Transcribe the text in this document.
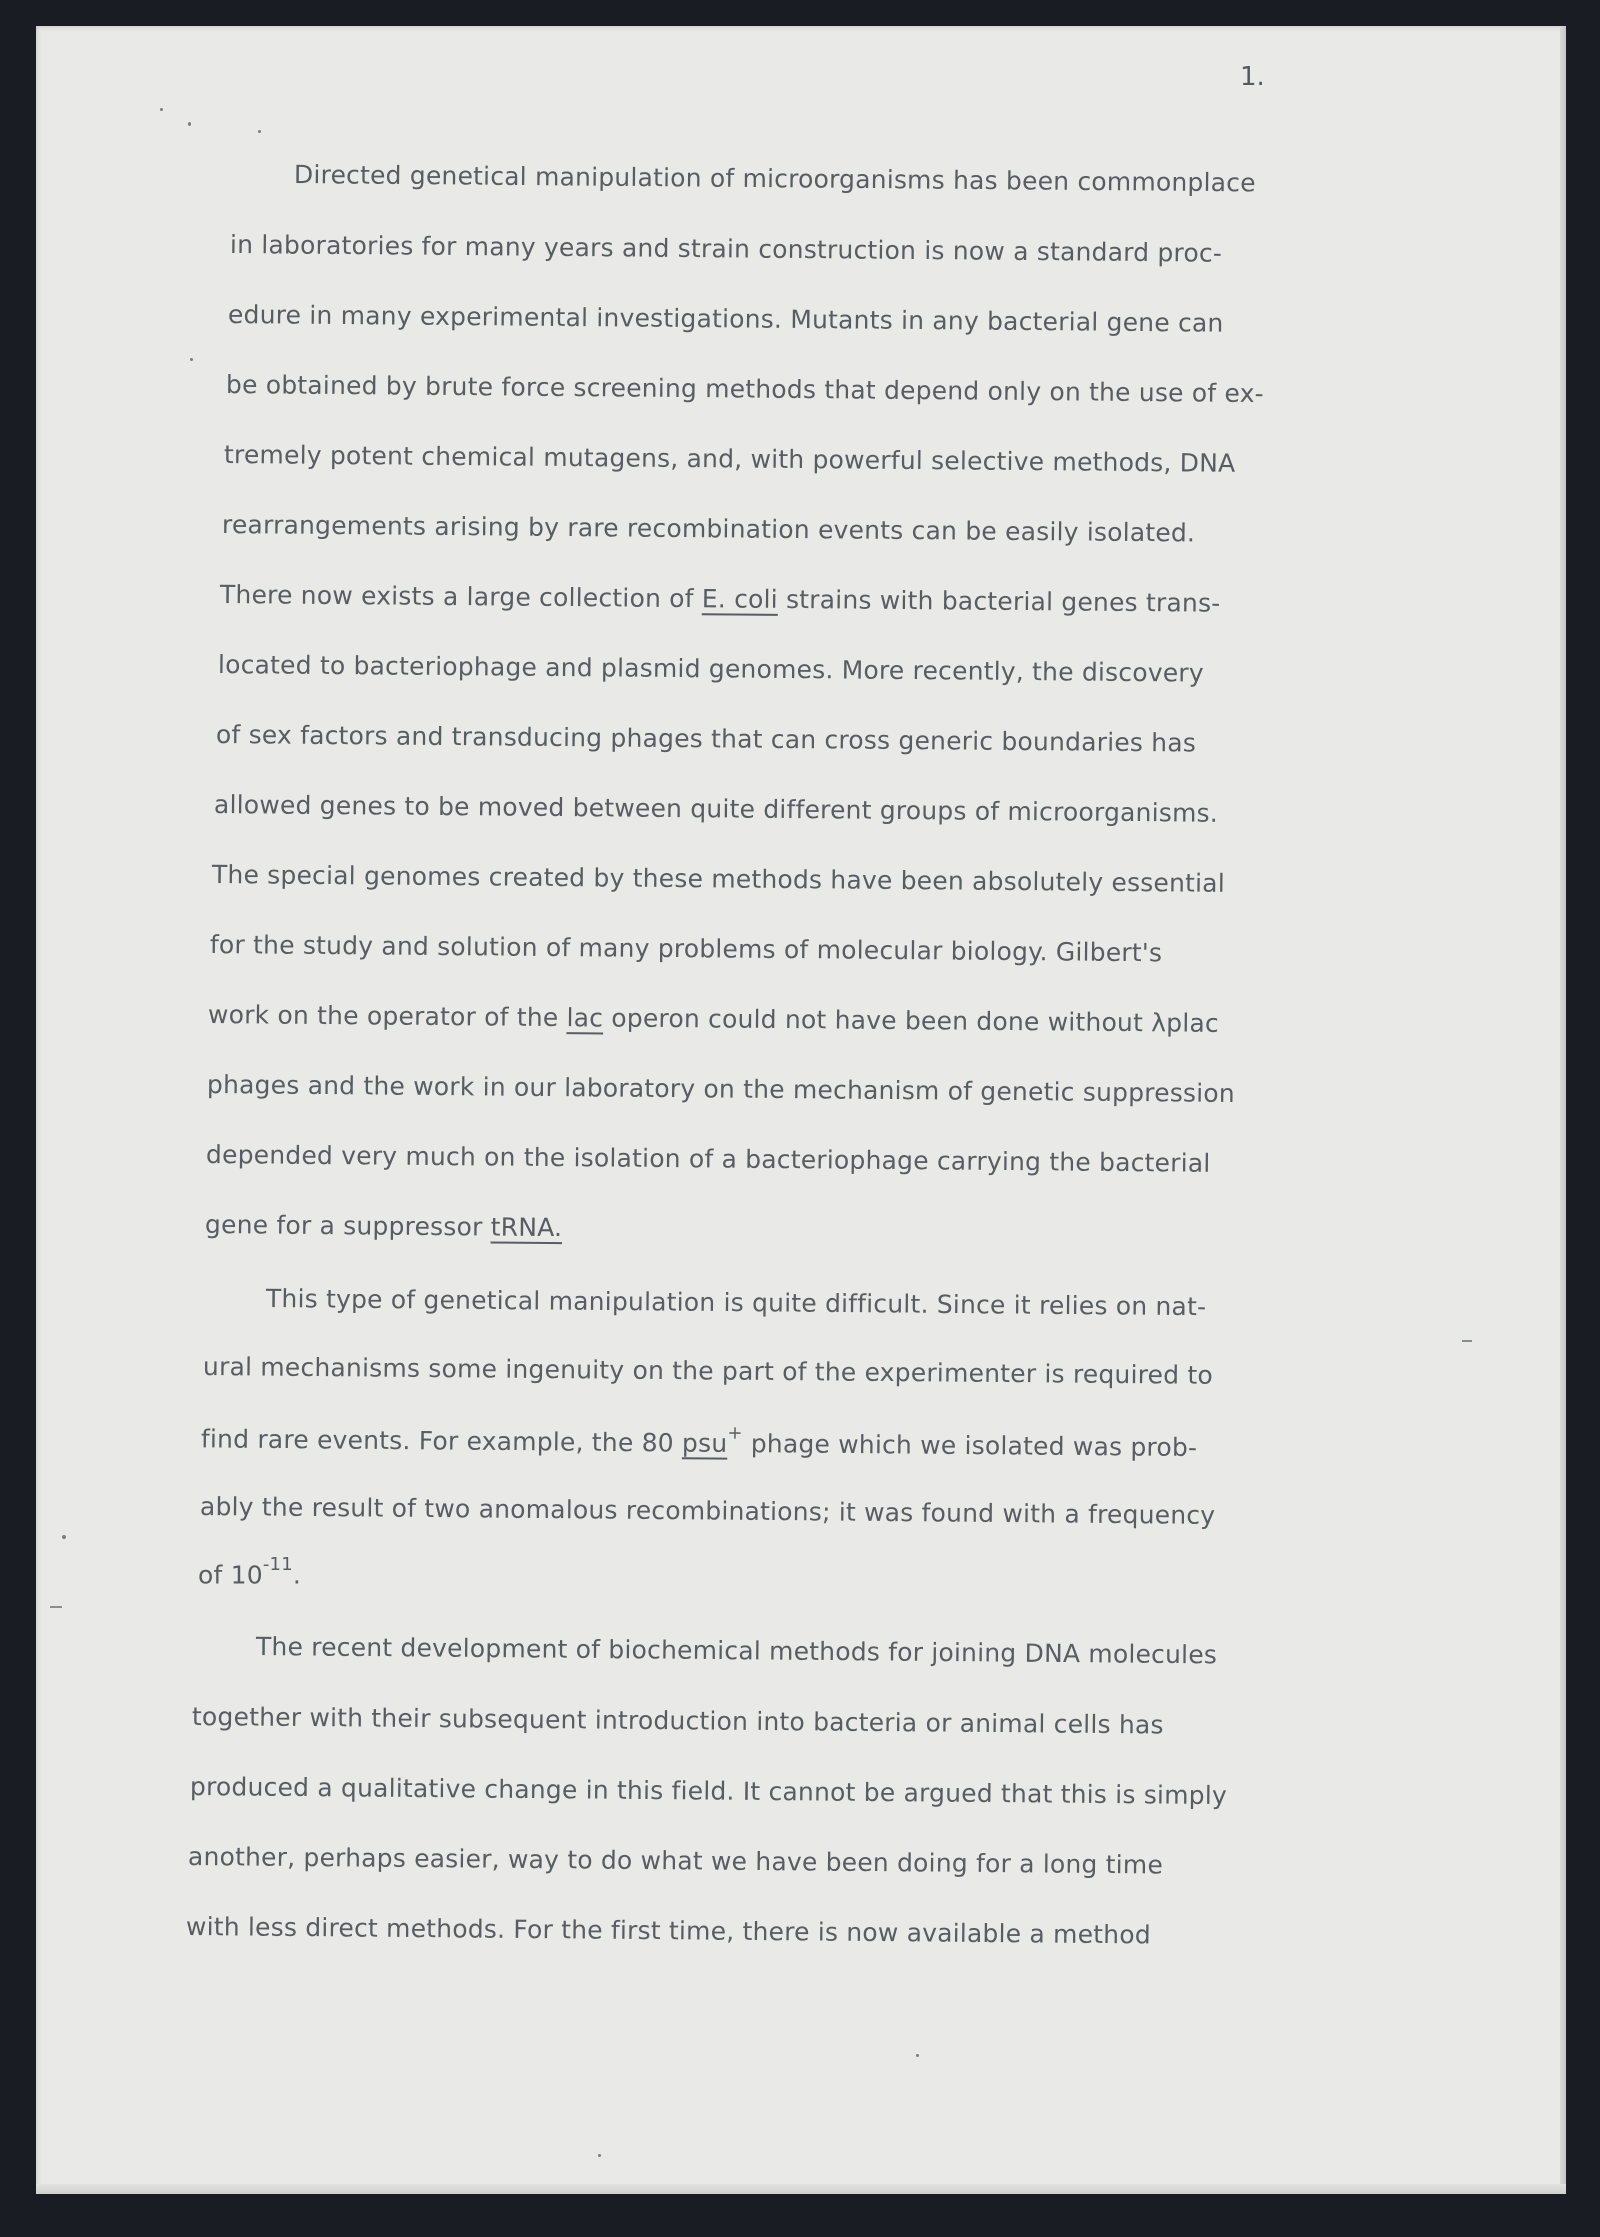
1.
Directed genetical manipulation of microorganisms has been commonplace
in laboratories for many years and strain construction is now a standard proc-
edure in many experimental investigations. Mutants in any bacterial gene can
be obtained by brute force screening methods that depend only on the use of ex-
tremely potent chemical mutagens, and, with powerful selective methods, DNA
rearrangements arising by rare recombination events can be easily isolated.
There now exists a large collection of E. coli strains with bacterial genes trans-
located to bacteriophage and plasmid genomes. More recently, the discovery
of sex factors and transducing phages that can cross generic boundaries has
allowed genes to be moved between quite different groups of microorganisms.
The special genomes created by these methods have been absolutely essential
for the study and solution of many problems of molecular biology. Gilbert's
work on the operator of the lac operon could not have been done without λplac
phages and the work in our laboratory on the mechanism of genetic suppression
depended very much on the isolation of a bacteriophage carrying the bacterial
gene for a suppressor tRNA.
This type of genetical manipulation is quite difficult. Since it relies on nat-
ural mechanisms some ingenuity on the part of the experimenter is required to
find rare events. For example, the 80 psu+ phage which we isolated was prob-
ably the result of two anomalous recombinations; it was found with a frequency
of $10^{-11}$.
The recent development of biochemical methods for joining DNA molecules
together with their subsequent introduction into bacteria or animal cells has
produced a qualitative change in this field. It cannot be argued that this is simply
another, perhaps easier, way to do what we have been doing for a long time
with less direct methods. For the first time, there is now available a method
